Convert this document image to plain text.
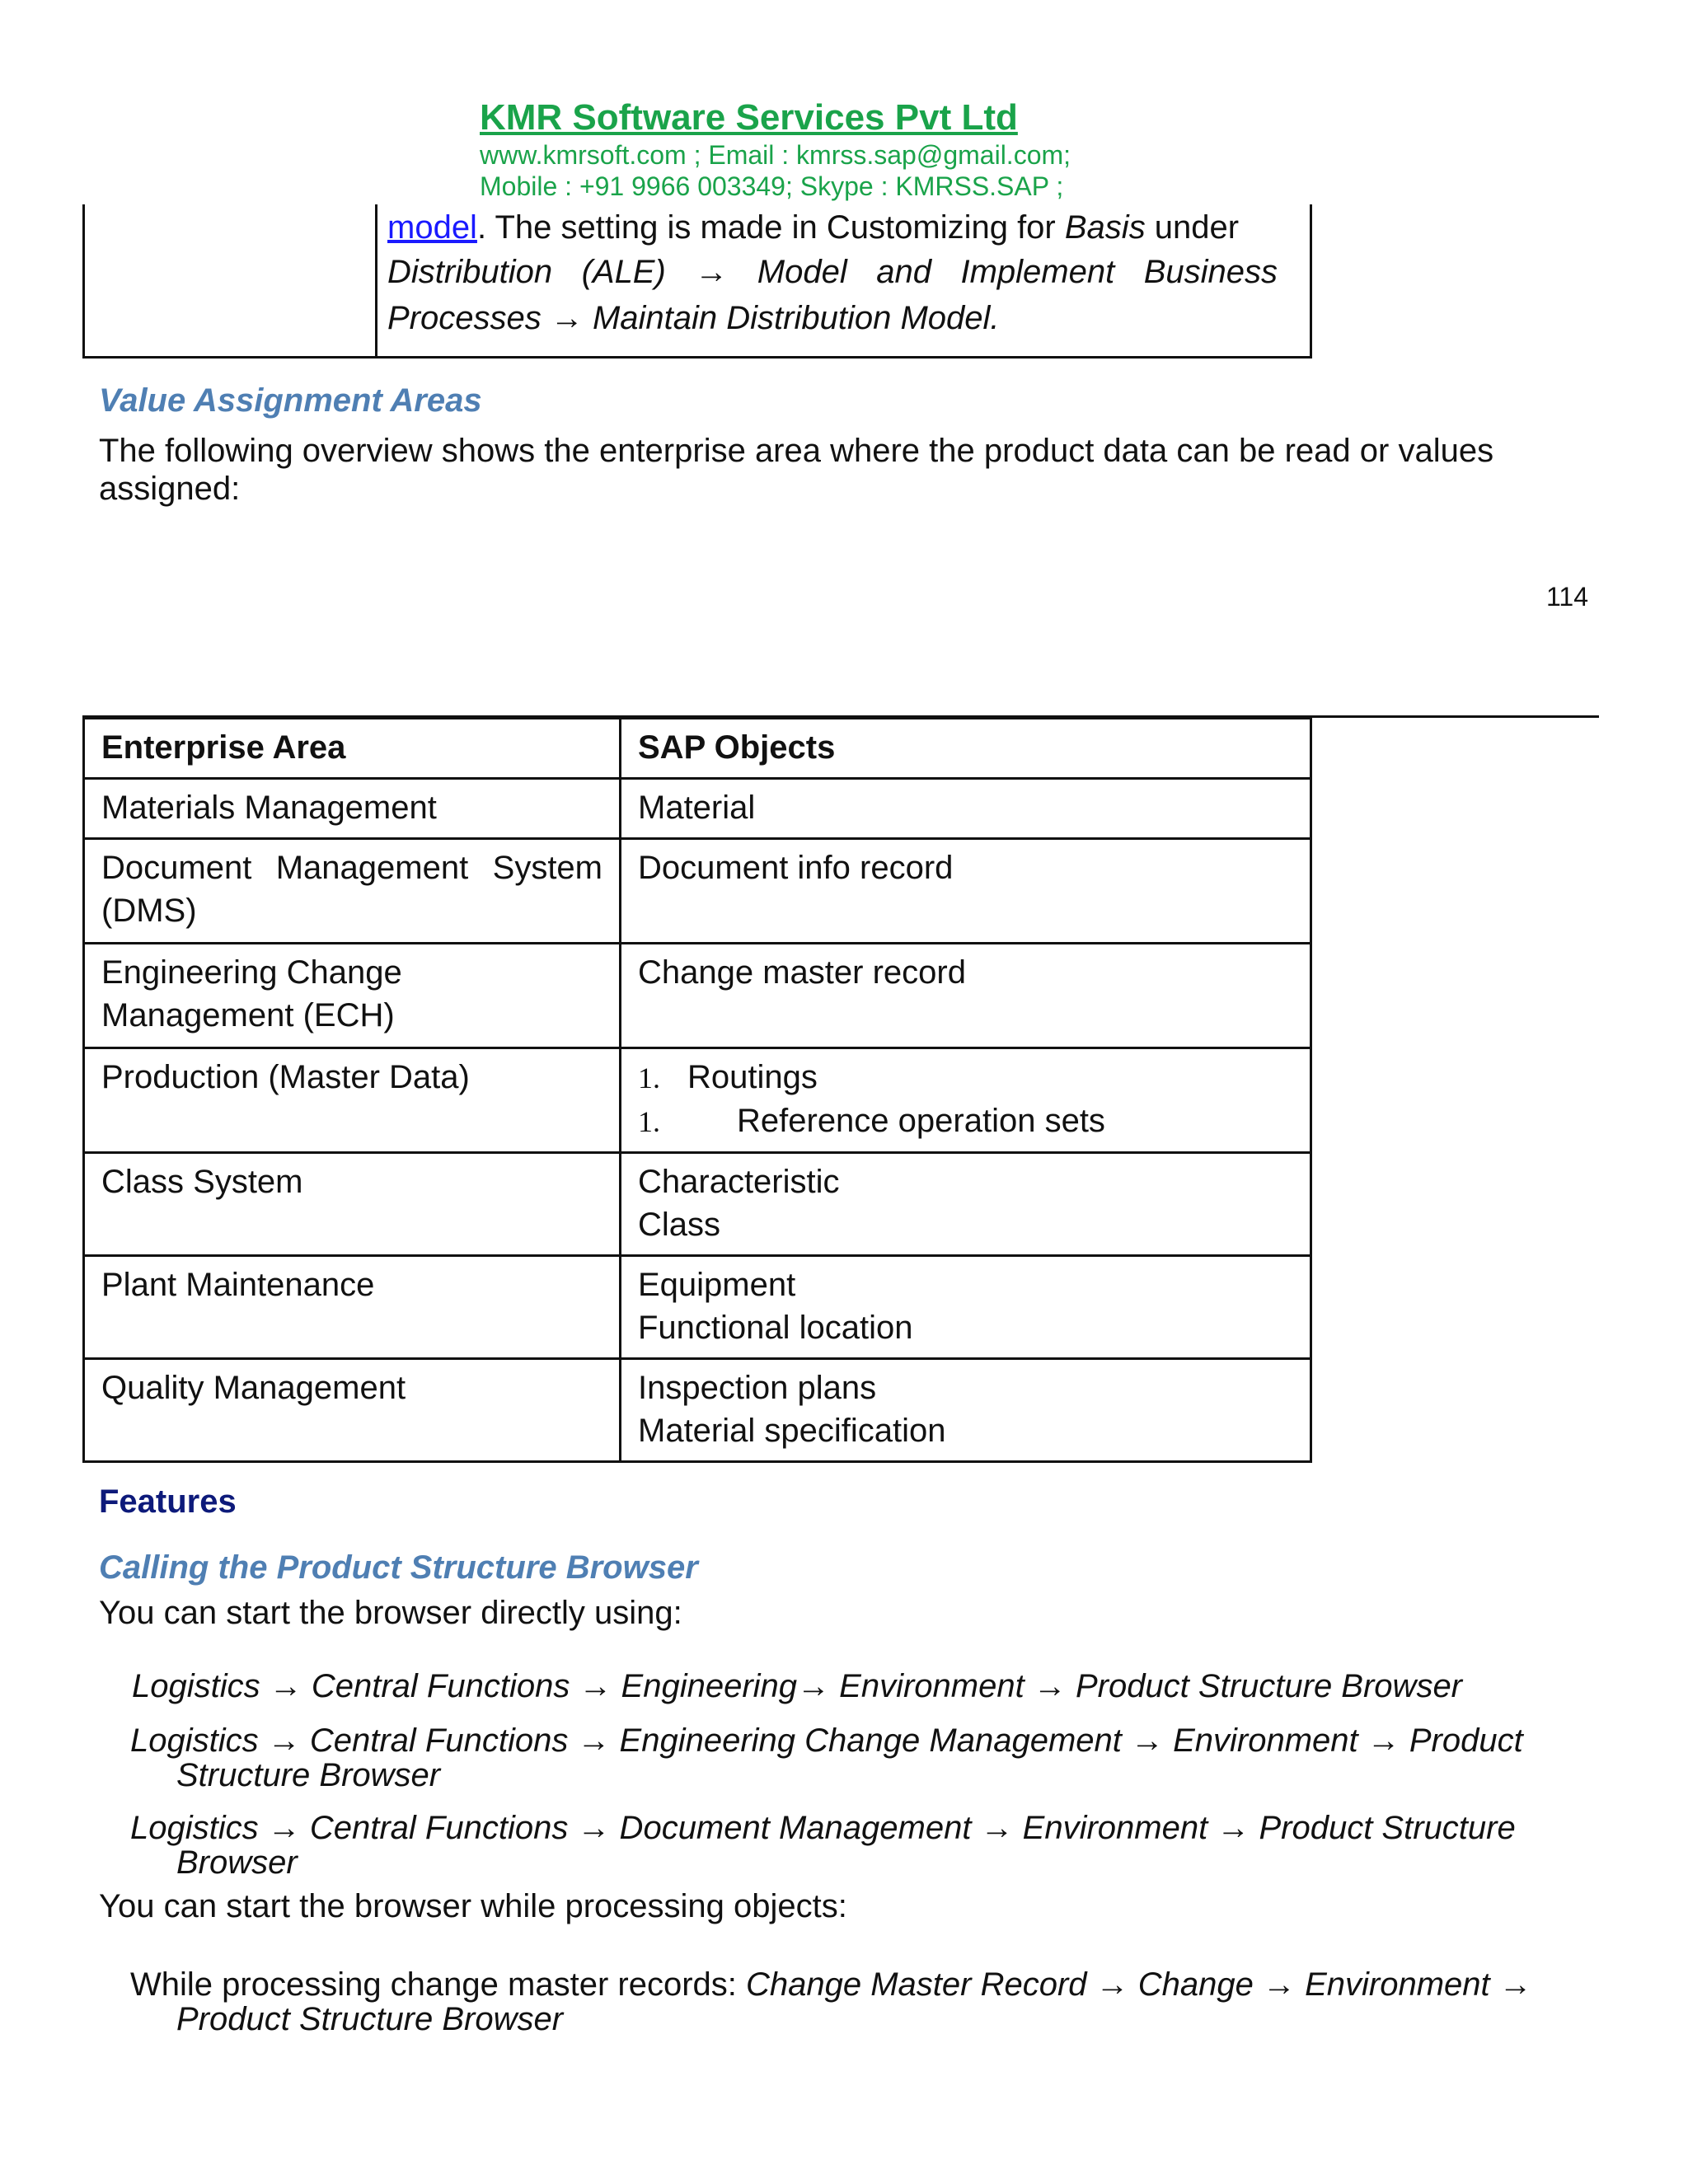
KMR Software Services Pvt Ltd
www.kmrsoft.com ; Email : kmrss.sap@gmail.com;
Mobile : +91 9966 003349; Skype : KMRSS.SAP ;
model. The setting is made in Customizing for Basis under
Distribution (ALE) → Model and Implement Business
Processes → Maintain Distribution Model.
Value Assignment Areas
The following overview shows the enterprise area where the product data can be read or values
assigned:
114
Enterprise Area	SAP Objects
Materials Management	Material

Document Management System
(DMS)	Document info record
Engineering Change Management (ECH)	Change master record
Production (Master Data)	1. Routings
1. Reference operation sets

Class System	Characteristic
Class

Plant Maintenance	Equipment
Functional location

Quality Management	Inspection plans
Material specification
Features
Calling the Product Structure Browser
You can start the browser directly using:
Logistics → Central Functions → Engineering→ Environment → Product Structure Browser
Logistics → Central Functions → Engineering Change Management → Environment → Product
Structure Browser
Logistics → Central Functions → Document Management → Environment → Product Structure
Browser
You can start the browser while processing objects:
While processing change master records: Change Master Record → Change → Environment →
Product Structure Browser
